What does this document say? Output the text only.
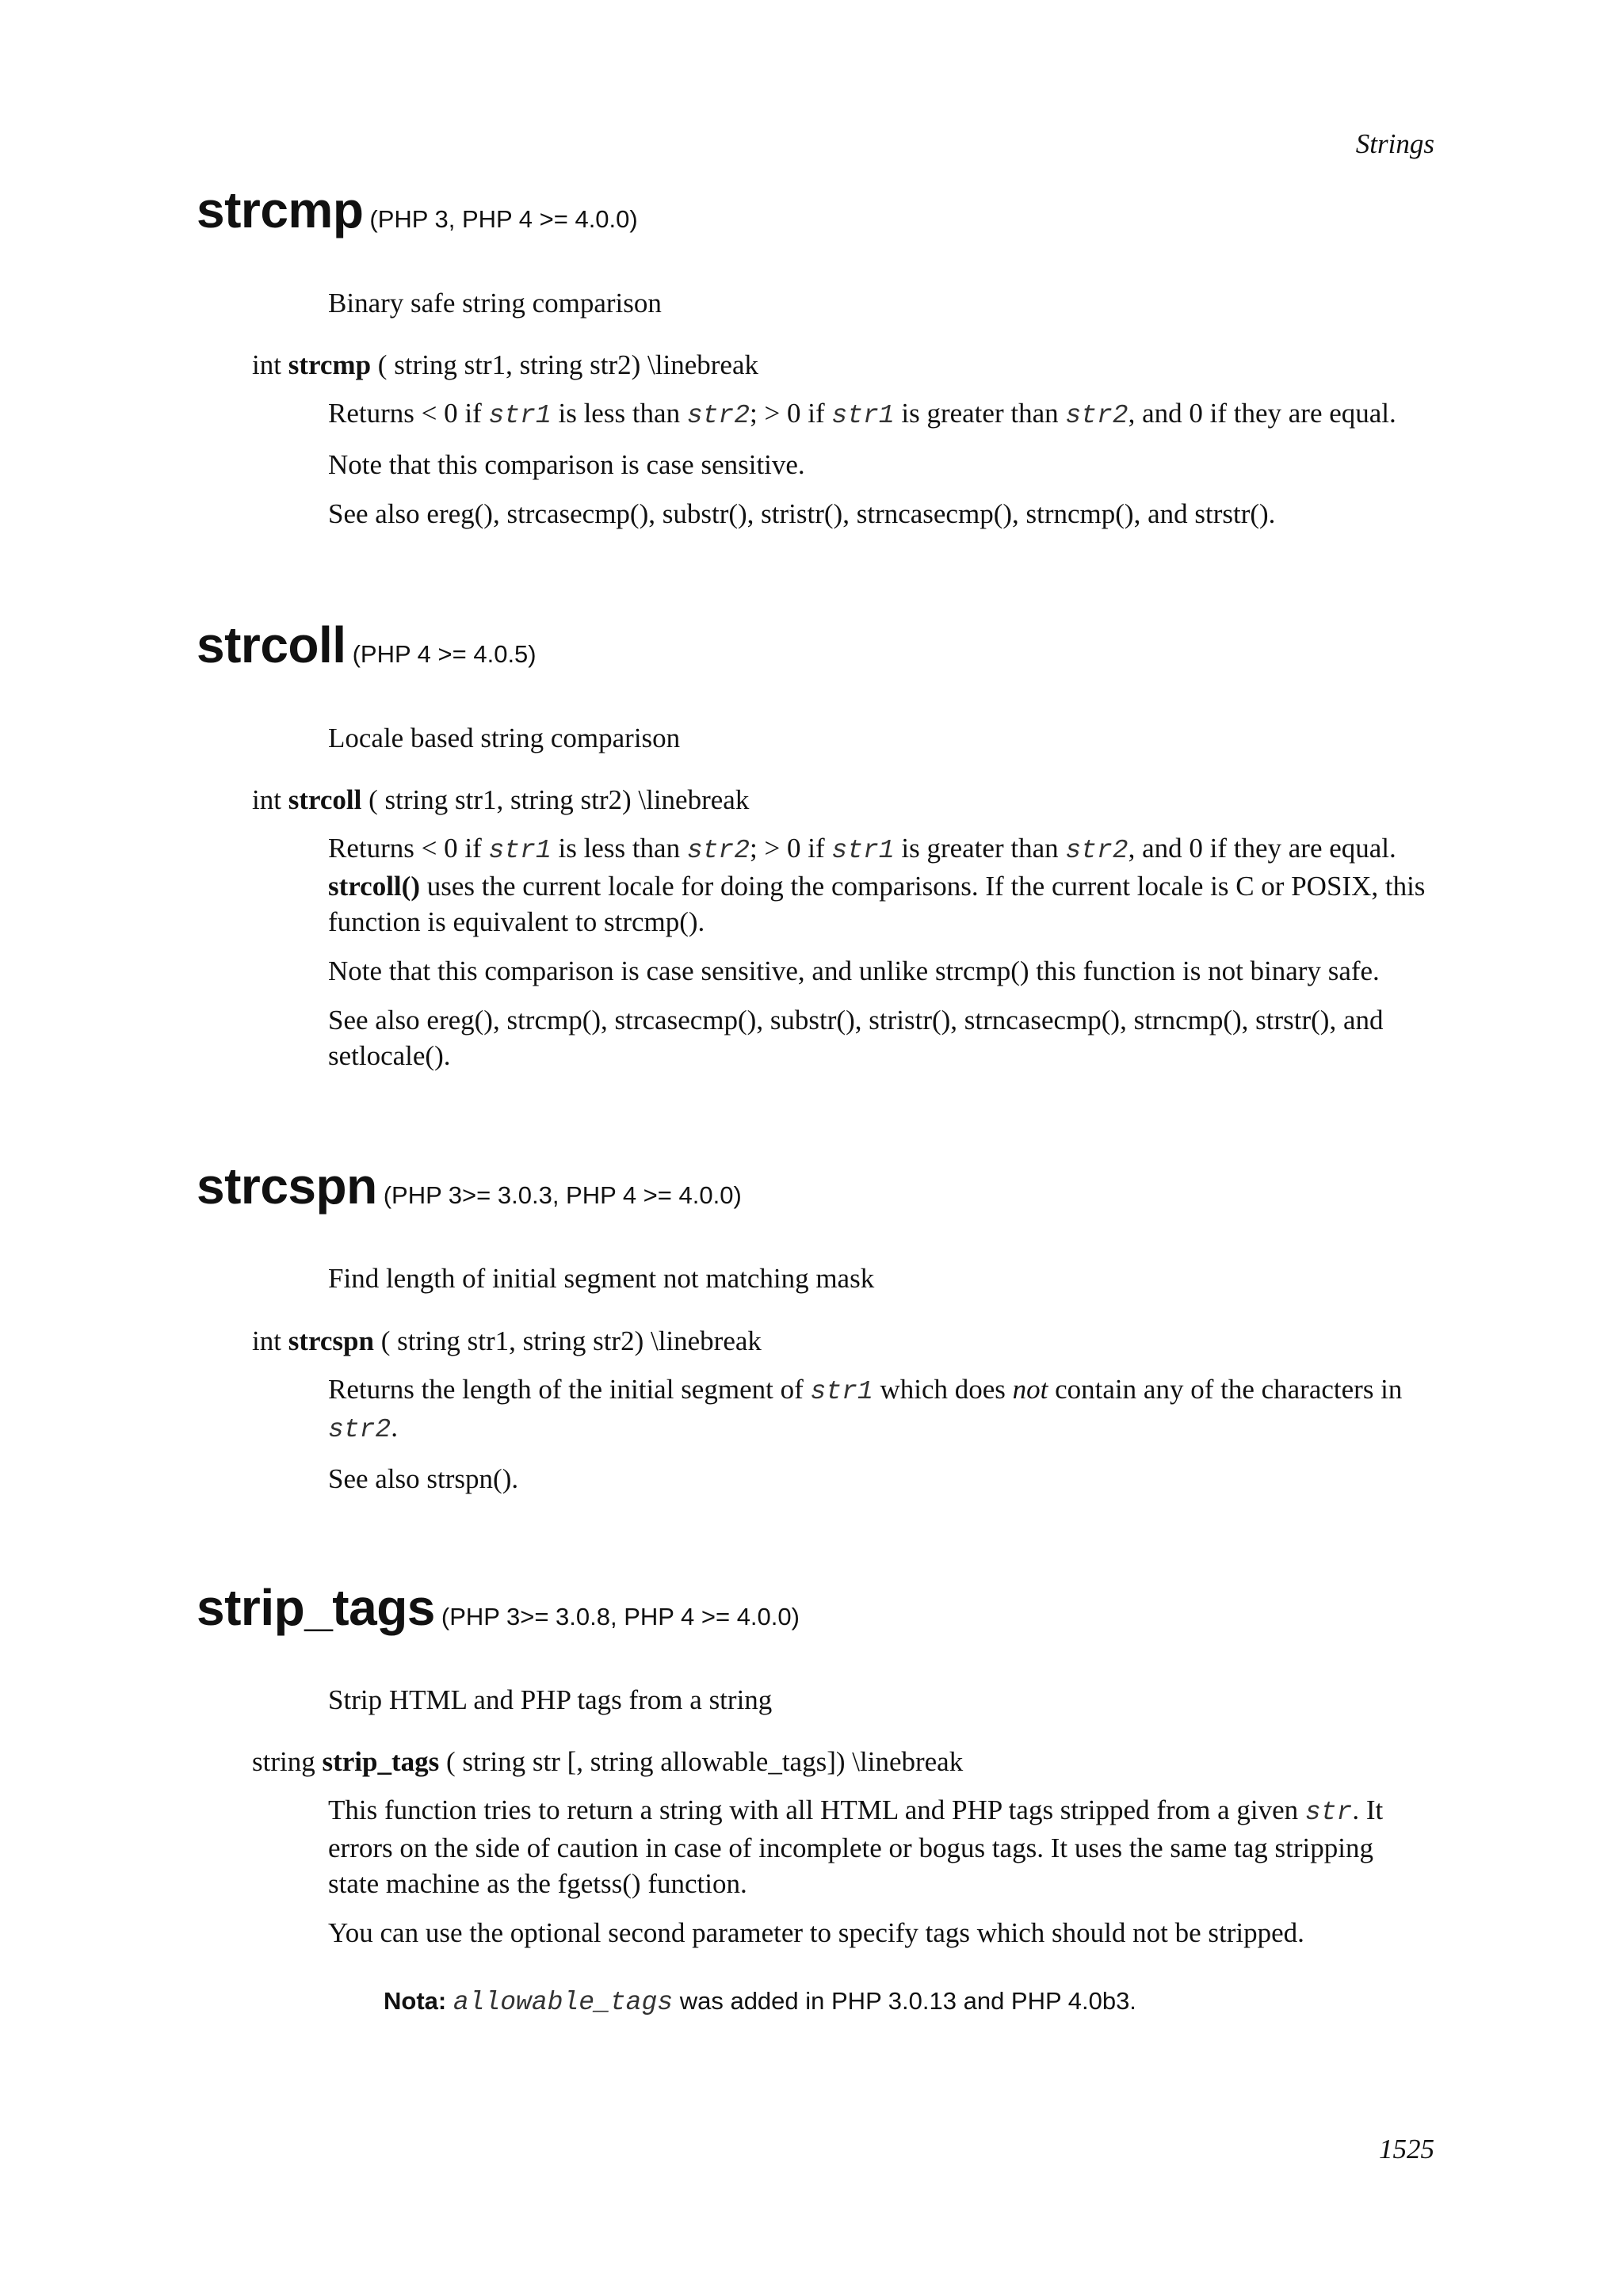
Strings
strcmp (PHP 3, PHP 4 >= 4.0.0)
Binary safe string comparison
int strcmp ( string str1, string str2) \linebreak

Returns < 0 if str1 is less than str2; > 0 if str1 is greater than str2, and 0 if they are equal.

Note that this comparison is case sensitive.

See also ereg(), strcasecmp(), substr(), stristr(), strncasecmp(), strncmp(), and strstr().

strcoll (PHP 4 >= 4.0.5)
Locale based string comparison
int strcoll ( string str1, string str2) \linebreak

Returns < 0 if str1 is less than str2; > 0 if str1 is greater than str2, and 0 if they are equal. strcoll() uses the current locale for doing the comparisons. If the current locale is C or POSIX, this function is equivalent to strcmp().

Note that this comparison is case sensitive, and unlike strcmp() this function is not binary safe.

See also ereg(), strcmp(), strcasecmp(), substr(), stristr(), strncasecmp(), strncmp(), strstr(), and setlocale().

strcspn (PHP 3>= 3.0.3, PHP 4 >= 4.0.0)
Find length of initial segment not matching mask
int strcspn ( string str1, string str2) \linebreak

Returns the length of the initial segment of str1 which does not contain any of the characters in str2.

See also strspn().

strip_tags (PHP 3>= 3.0.8, PHP 4 >= 4.0.0)
Strip HTML and PHP tags from a string
string strip_tags ( string str [, string allowable_tags]) \linebreak

This function tries to return a string with all HTML and PHP tags stripped from a given str. It errors on the side of caution in case of incomplete or bogus tags. It uses the same tag stripping state machine as the fgetss() function.

You can use the optional second parameter to specify tags which should not be stripped.

Nota: allowable_tags was added in PHP 3.0.13 and PHP 4.0b3.
1525
